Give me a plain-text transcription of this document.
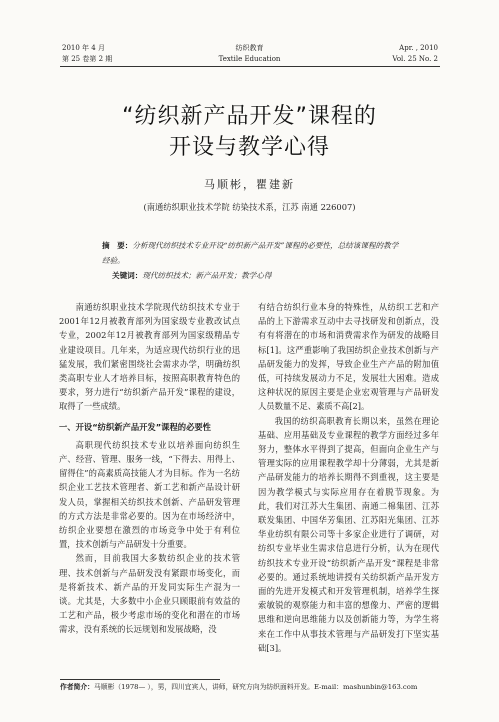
2010 年 4 月
第 25 卷第 2 期
纺织教育
Textile Education
Apr. , 2010
Vol. 25 No. 2
“纺织新产品开发”课程的
开设与教学心得
马顺彬，瞿建新
(南通纺织职业技术学院 纺染技术系，江苏 南通 226007)
摘　要：分析现代纺织技术专业开设“纺织新产品开发”课程的必要性，总结该课程的教学经验。
关键词：现代纺织技术；新产品开发；教学心得

南通纺织职业技术学院现代纺织技术专业于2001年12月被教育部列为国家级专业教改试点专业，2002年12月被教育部列为国家级精品专业建设项目。几年来，为适应现代纺织行业的迅猛发展，我们紧密围绕社会需求办学，明确纺织类高职专业人才培养目标，按照高职教育特色的要求，努力进行“纺织新产品开发”课程的建设，取得了一些成绩。

一、开设“纺织新产品开发”课程的必要性

高职现代纺织技术专业以培养面向纺织生产、经营、管理、服务一线，“下得去、用得上、留得住”的高素质高技能人才为目标。作为一名纺织企业工艺技术管理者、新工艺和新产品设计研发人员，掌握相关纺织技术创新、产品研发管理的方式方法是非常必要的。因为在市场经济中，纺织企业要想在激烈的市场竞争中处于有利位置，技术创新与产品研发十分重要。

然而，目前我国大多数纺织企业的技术管理、技术创新与产品研发没有紧跟市场变化，而是将新技术、新产品的开发同实际生产混为一谈。尤其是，大多数中小企业只顾眼前有效益的工艺和产品，极少考虑市场的变化和潜在的市场需求，没有系统的长远规划和发展战略，没

有结合纺织行业本身的特殊性，从纺织工艺和产品的上下游需求互动中去寻找研发和创新点，没有有将潜在的市场和消费需求作为研发的战略目标[1]。这严重影响了我国纺织企业技术创新与产品研发能力的发挥，导致企业生产产品的附加值低，可持续发展动力不足，发展壮大困难。造成这种状况的原因主要是企业宏观管理与产品研发人员数量不足、素质不高[2]。

我国的纺织高职教育长期以来，虽然在理论基础、应用基础及专业课程的教学方面经过多年努力，整体水平得到了提高，但面向企业生产与管理实际的应用课程教学却十分薄弱，尤其是新产品研发能力的培养长期得不到重视，这主要是因为教学模式与实际应用存在着脱节现象。为此，我们对江苏大生集团、南通二棉集团、江苏联发集团、中国华芳集团、江苏阳光集团、江苏华业纺织有限公司等十多家企业进行了调研，对纺织专业毕业生需求信息进行分析，认为在现代纺织技术专业开设“纺织新产品开发”课程是非常必要的。通过系统地讲授有关纺织新产品开发方面的先进开发模式和开发管理机制，培养学生探索敏锐的观察能力和丰富的想像力、严密的逻辑思维和逆向思维能力以及创新能力等，为学生将来在工作中从事技术管理与产品研发打下坚实基础[3]。

作者简介：马顺彬（1978— ），男，四川宜宾人，讲师，研究方向为纺织面料开发。E-mail：mashunbin@163.com
